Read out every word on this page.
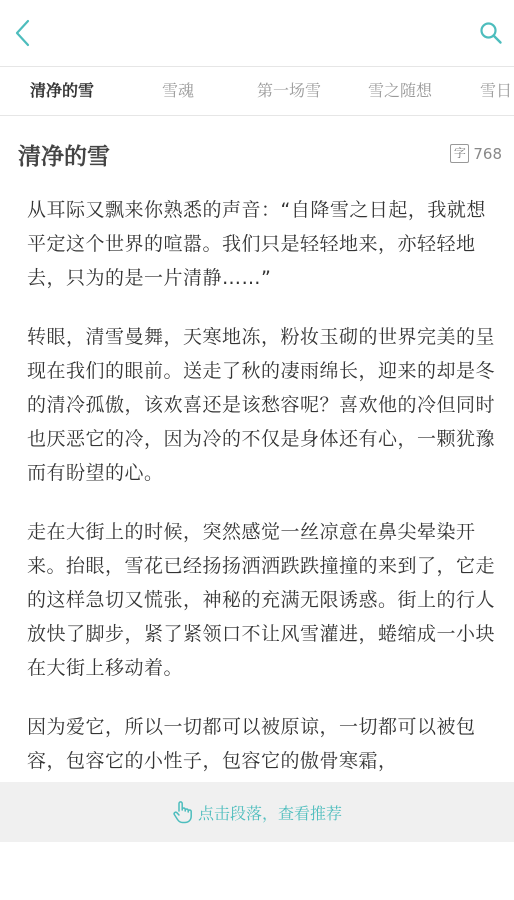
清净的雪	雪魂	第一场雪	雪之随想	雪日
清净的雪	字 768

从耳际又飘来你熟悉的声音：“自降雪之日起，我就想平定这个世界的喧嚣。我们只是轻轻地来，亦轻轻地去，只为的是一片清静……”

转眼，清雪曼舞，天寒地冻，粉妆玉砌的世界完美的呈现在我们的眼前。送走了秋的凄雨绵长，迎来的却是冬的清冷孤傲，该欢喜还是该愁容呢？喜欢他的冷但同时也厌恶它的冷，因为冷的不仅是身体还有心，一颗犹豫而有盼望的心。

走在大街上的时候，突然感觉一丝凉意在鼻尖晕染开来。抬眼，雪花已经扬扬洒洒跌跌撞撞的来到了，它走的这样急切又慌张，神秘的充满无限诱惑。街上的行人放快了脚步，紧了紧领口不让风雪灌进，蜷缩成一小块在大街上移动着。

因为爱它，所以一切都可以被原谅，一切都可以被包容，包容它的小性子，包容它的傲骨寒霜，

点击段落，查看推荐
